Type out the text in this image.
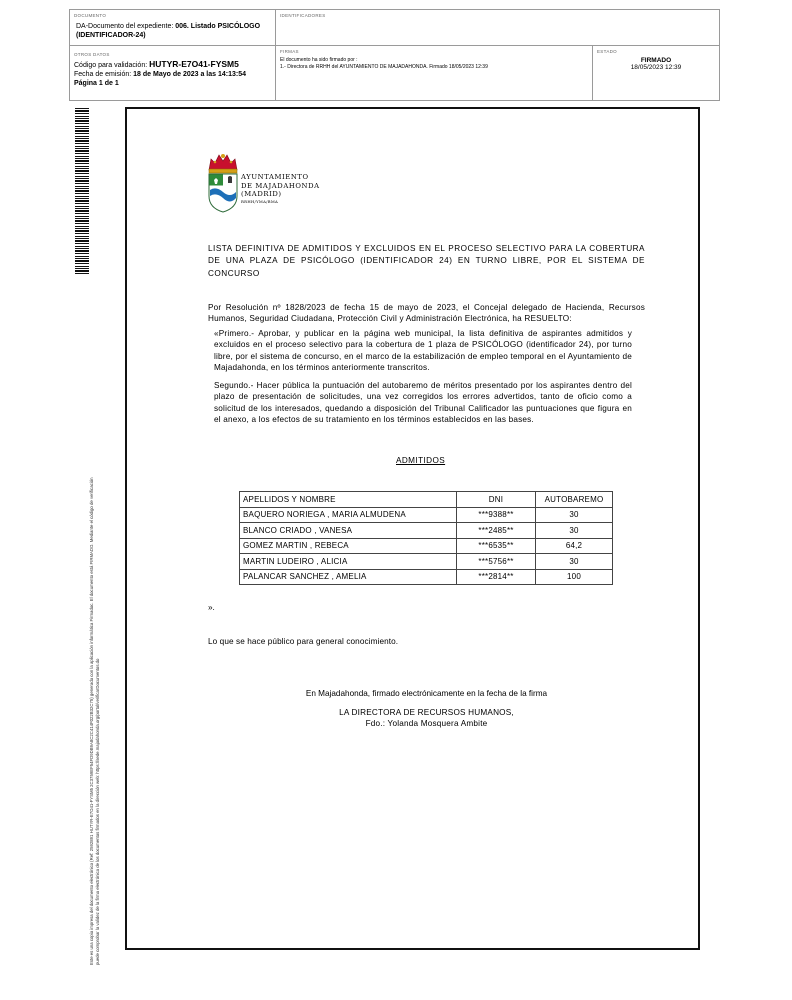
DOCUMENTO
DA-Documento del expediente: 006. Listado PSICÓLOGO (IDENTIFICADOR-24)
IDENTIFICADORES
OTROS DATOS
Código para validación: HUTYR-E7O41-FYSM5
Fecha de emisión: 18 de Mayo de 2023 a las 14:13:54
Página 1 de 1
FIRMAS
El documento ha sido firmado por :
1.- Directora de RRHH del AYUNTAMIENTO DE MAJADAHONDA. Firmado 18/05/2023 12:39
ESTADO
FIRMADO
18/05/2023 12:39
Este es una copia impresa del documento electrónico (Ref: 2592891 HUTYR-E7O41-FYSM5 2C3759EF54FD9DB9A8C2C414F022B32C75) generada con la aplicación informática Firmadoc. El documento está FIRMADO. Mediante el código de verificación puede comprobar la validez de la firma electrónica de los documentos firmados en la dirección web: https://sede.majadahonda.org/portal/verificarDocumentos.do
AYUNTAMIENTO
DE MAJADAHONDA
(MADRID)
RRHH/YMA/BMA
LISTA DEFINITIVA DE ADMITIDOS Y EXCLUIDOS EN EL PROCESO SELECTIVO PARA LA COBERTURA DE UNA PLAZA DE PSICÓLOGO (IDENTIFICADOR 24) EN TURNO LIBRE, POR EL SISTEMA DE CONCURSO
Por Resolución nº 1828/2023 de fecha 15 de mayo de 2023, el Concejal delegado de Hacienda, Recursos Humanos, Seguridad Ciudadana, Protección Civil y Administración Electrónica, ha RESUELTO:
«Primero.- Aprobar, y publicar en la página web municipal, la lista definitiva de aspirantes admitidos y excluidos en el proceso selectivo para la cobertura de 1 plaza de PSICÓLOGO (identificador 24), por turno libre, por el sistema de concurso, en el marco de la estabilización de empleo temporal en el Ayuntamiento de Majadahonda, en los términos anteriormente transcritos.
Segundo.- Hacer pública la puntuación del autobaremo de méritos presentado por los aspirantes dentro del plazo de presentación de solicitudes, una vez corregidos los errores advertidos, tanto de oficio como a solicitud de los interesados, quedando a disposición del Tribunal Calificador las puntuaciones que figura en el anexo, a los efectos de su tratamiento en los términos establecidos en las bases.
ADMITIDOS
APELLIDOS Y NOMBRE	DNI	AUTOBAREMO
BAQUERO NORIEGA , MARIA ALMUDENA	***9388**	30
BLANCO CRIADO , VANESA	***2485**	30
GOMEZ MARTIN , REBECA	***6535**	64,2
MARTIN LUDEIRO , ALICIA	***5756**	30
PALANCAR SANCHEZ , AMELIA	***2814**	100
».
Lo que se hace público para general conocimiento.
En Majadahonda, firmado electrónicamente en la fecha de la firma
LA DIRECTORA DE RECURSOS HUMANOS,
Fdo.: Yolanda Mosquera Ambite
